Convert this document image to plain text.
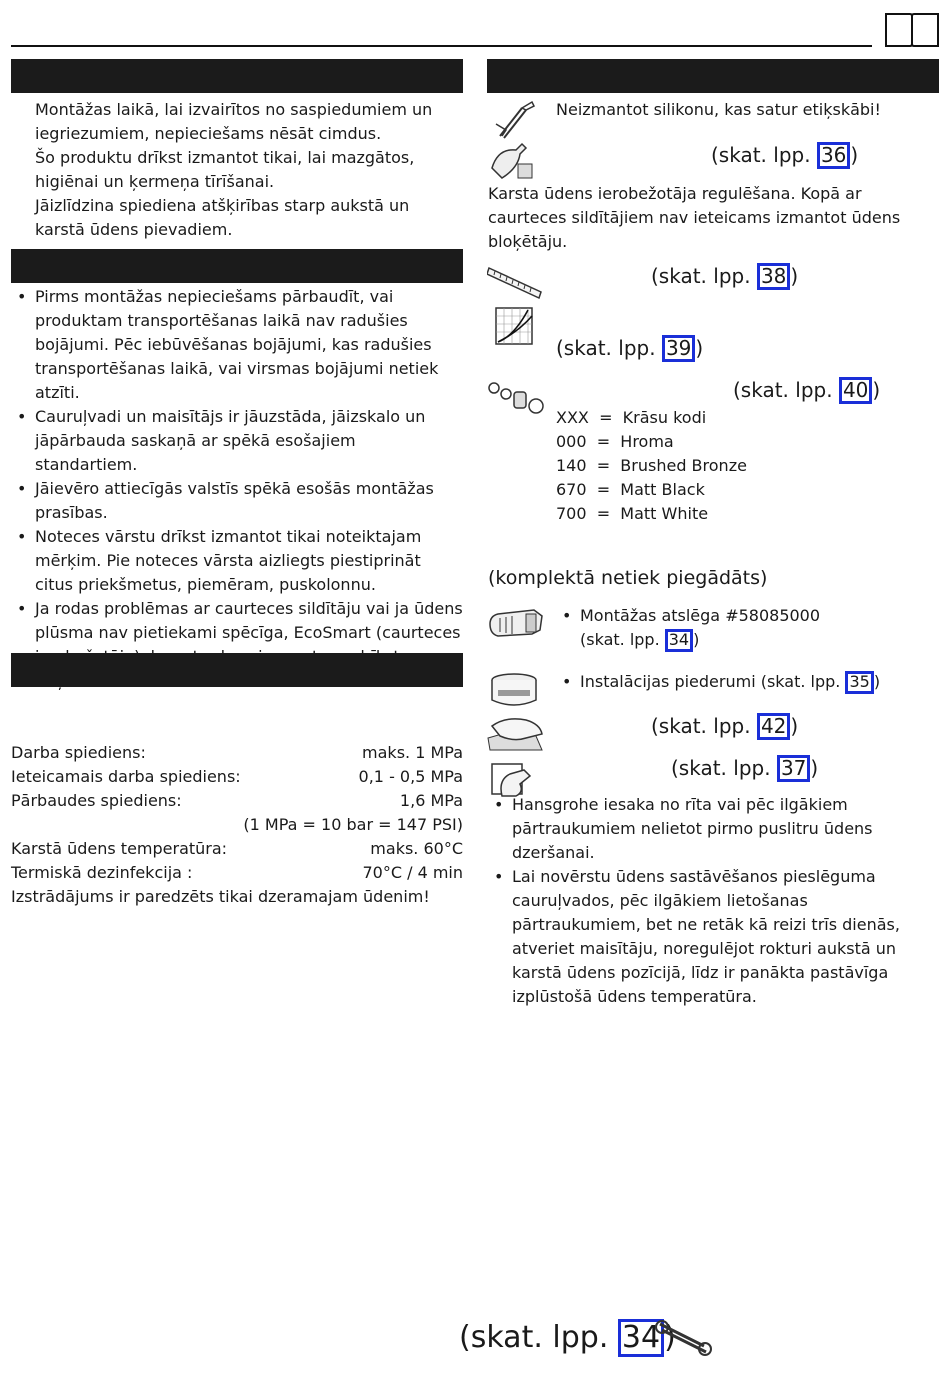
Montāžas laikā, lai izvairītos no saspiedumiem un iegriezumiem, nepieciešams nēsāt cimdus.
Šo produktu drīkst izmantot tikai, lai mazgātos, higiēnai un ķermeņa tīrīšanai.
Jāizlīdzina spiediena atšķirības starp aukstā un karstā ūdens pievadiem.
• Pirms montāžas nepieciešams pārbaudīt, vai produktam transportēšanas laikā nav radušies bojājumi. Pēc iebūvēšanas bojājumi, kas radušies transportēšanas laikā, vai virsmas bojājumi netiek atzīti.
• Cauruļvadi un maisītājs ir jāuzstāda, jāizskalo un jāpārbauda saskaņā ar spēkā esošajiem standartiem.
• Jāievēro attiecīgās valstīs spēkā esošās montāžas prasības.
• Noteces vārstu drīkst izmantot tikai noteiktajam mērķim. Pie noteces vārsta aizliegts piestiprināt citus priekšmetus, piemēram, puskolonnu.
• Ja rodas problēmas ar caurteces sildītāju vai ja ūdens plūsma nav pietiekami spēcīga, EcoSmart (caurteces
Darba spiediens:	maks. 1 MPa
Ieteicamais darba spiediens:	0,1 - 0,5 MPa
Pārbaudes spiediens:	1,6 MPa
(1 MPa = 10 bar = 147 PSI)
Karstā ūdens temperatūra:	maks. 60°C
Termiskā dezinfekcija :	70°C / 4 min
Izstrādājums ir paredzēts tikai dzeramajam ūdenim!
Neizmantot silikonu, kas satur etiķskābi!
(skat. lpp. 36 )
Karsta ūdens ierobežotāja regulēšana. Kopā ar caurteces sildītājiem nav ieteicams izmantot ūdens bloķētāju.
(skat. lpp. 38 )
(skat. lpp. 39 )
(skat. lpp. 40 )
XXX = Krāsu kodi
000 = Hroma
140 = Brushed Bronze
670 = Matt Black
700 = Matt White
(komplektā netiek piegādāts)
• Montāžas atslēga #58085000
(skat. lpp. 34 )
• Instalācijas piederumi (skat. lpp. 35 )
(skat. lpp. 42 )
(skat. lpp. 37 )
• Hansgrohe iesaka no rīta vai pēc ilgākiem pārtraukumiem nelietot pirmo puslitru ūdens dzeršanai.
• Lai novērstu ūdens sastāvēšanos pieslēguma cauruļvados, pēc ilgākiem lietošanas pārtraukumiem, bet ne retāk kā reizi trīs dienās, atveriet maisītāju, noregulējot rokturi aukstā un karstā ūdens pozīcijā, līdz ir panākta pastāvīga izplūstošā ūdens temperatūra.
(skat. lpp. 34 )
